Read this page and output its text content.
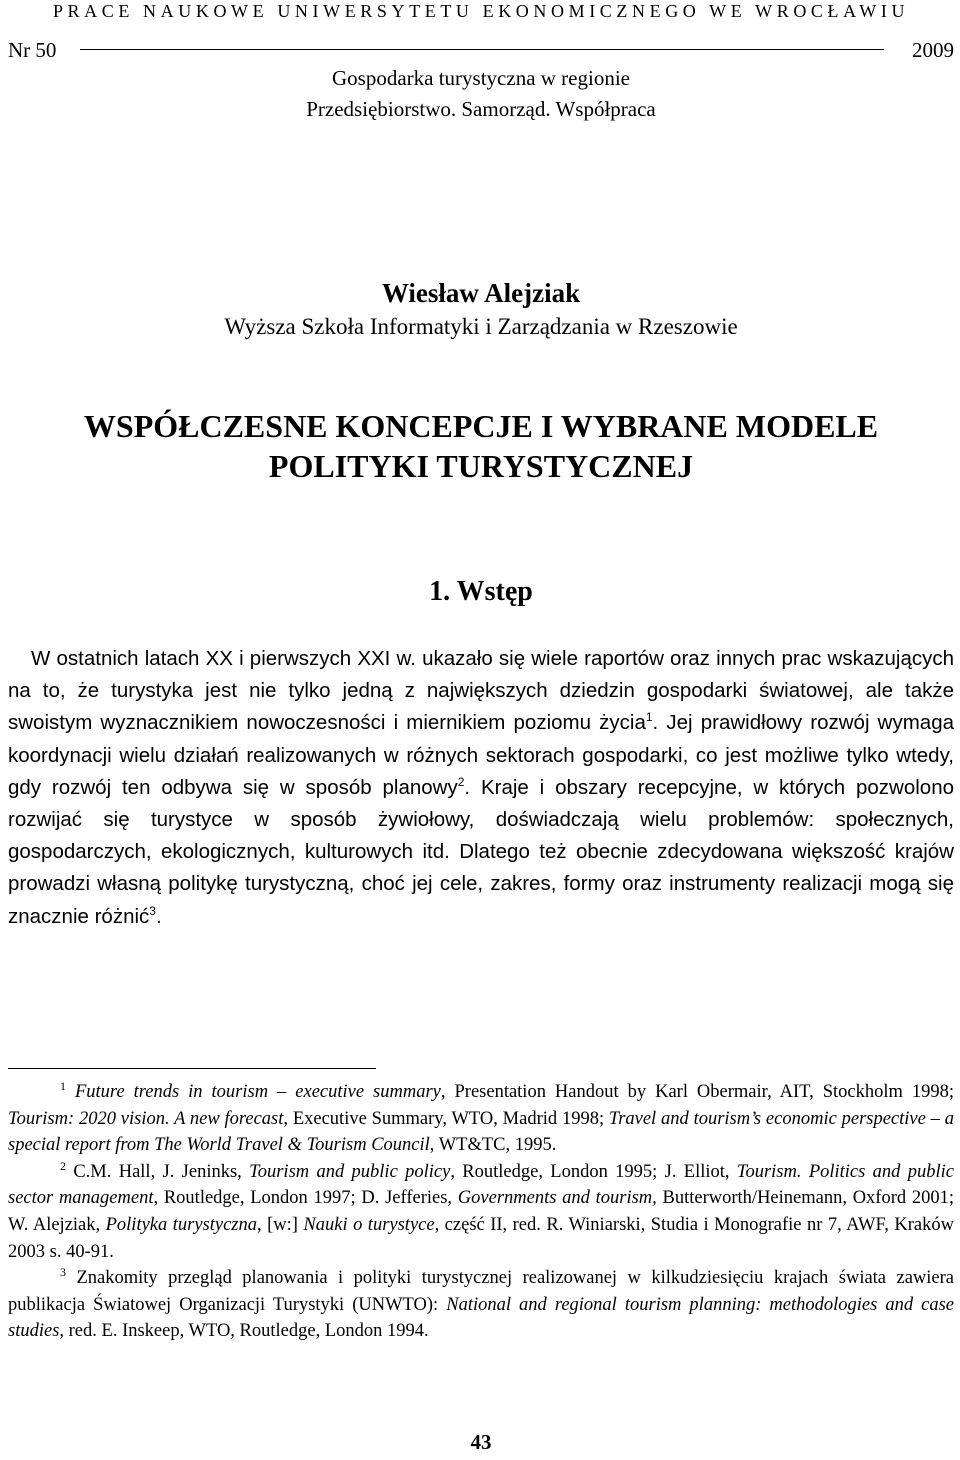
PRACE NAUKOWE UNIWERSYTETU EKONOMICZNEGO WE WROCŁAWIU
Nr 50	2009
Gospodarka turystyczna w regionie
Przedsiębiorstwo. Samorząd. Współpraca
Wiesław Alejziak
Wyższa Szkoła Informatyki i Zarządzania w Rzeszowie
WSPÓŁCZESNE KONCEPCJE I WYBRANE MODELE
POLITYKI TURYSTYCZNEJ
1. Wstęp

W ostatnich latach XX i pierwszych XXI w. ukazało się wiele raportów oraz innych prac wskazujących na to, że turystyka jest nie tylko jedną z największych dziedzin gospodarki światowej, ale także swoistym wyznacznikiem nowoczesności i miernikiem poziomu życia$^1$. Jej prawidłowy rozwój wymaga koordynacji wielu działań realizowanych w różnych sektorach gospodarki, co jest możliwe tylko wtedy, gdy rozwój ten odbywa się w sposób planowy$^2$. Kraje i obszary recepcyjne, w których pozwolono rozwijać się turystyce w sposób żywiołowy, doświadczają wielu problemów: społecznych, gospodarczych, ekologicznych, kulturowych itd. Dlatego też obecnie zdecydowana większość krajów prowadzi własną politykę turystyczną, choć jej cele, zakres, formy oraz instrumenty realizacji mogą się znacznie różnić$^3$.

$^1$ Future trends in tourism – executive summary, Presentation Handout by Karl Obermair, AIT, Stockholm 1998; Tourism: 2020 vision. A new forecast, Executive Summary, WTO, Madrid 1998; Travel and tourism’s economic perspective – a special report from The World Travel & Tourism Council, WT&TC, 1995.

$^2$ C.M. Hall, J. Jeninks, Tourism and public policy, Routledge, London 1995; J. Elliot, Tourism. Politics and public sector management, Routledge, London 1997; D. Jefferies, Governments and tourism, Butterworth/Heinemann, Oxford 2001; W. Alejziak, Polityka turystyczna, [w:] Nauki o turystyce, część II, red. R. Winiarski, Studia i Monografie nr 7, AWF, Kraków 2003 s. 40-91.

$^3$ Znakomity przegląd planowania i polityki turystycznej realizowanej w kilkudziesięciu krajach świata zawiera publikacja Światowej Organizacji Turystyki (UNWTO): National and regional tourism planning: methodologies and case studies, red. E. Inskeep, WTO, Routledge, London 1994.

43
